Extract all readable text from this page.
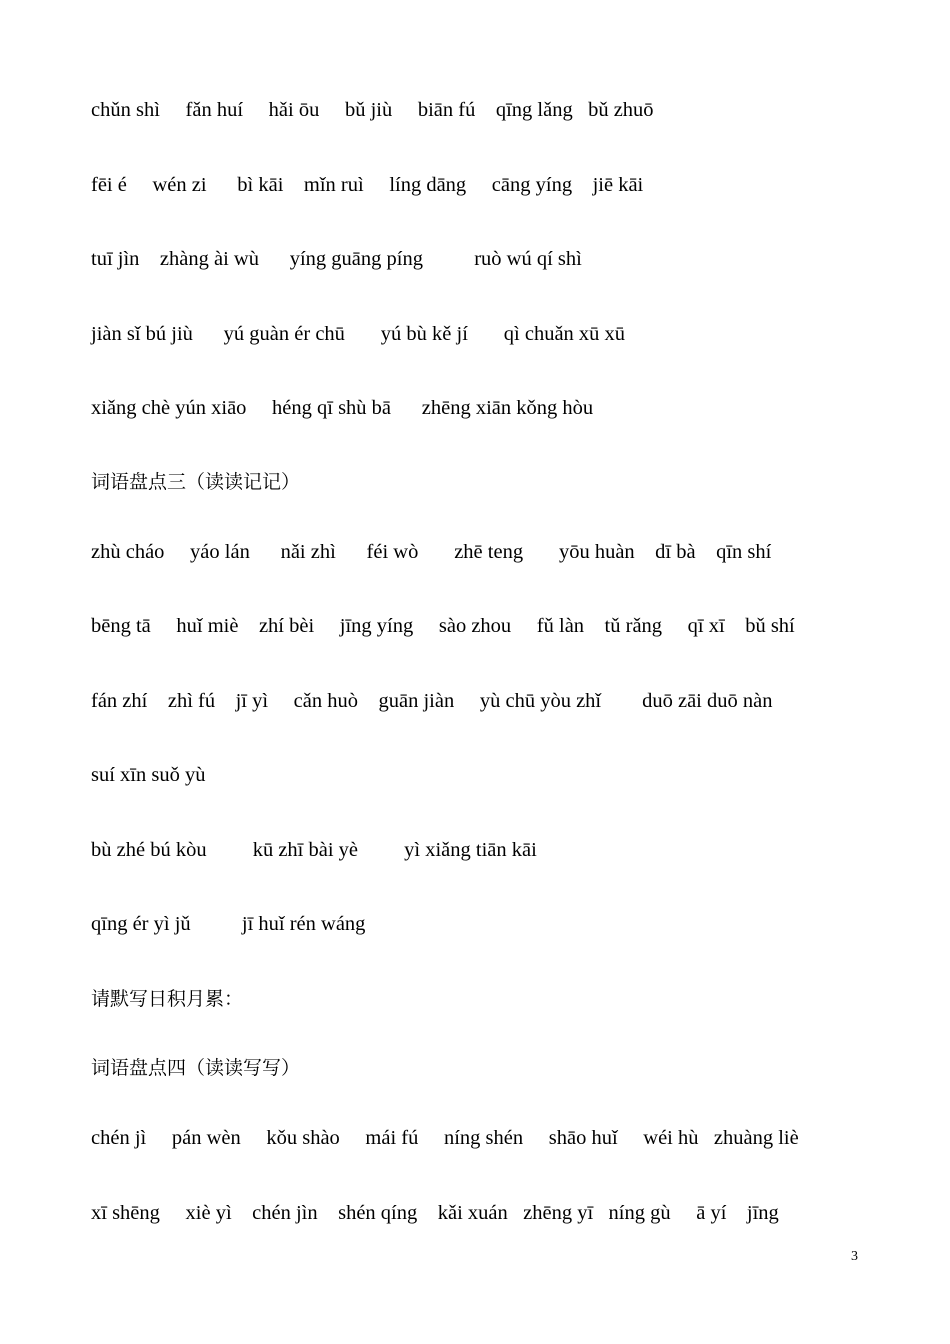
chǔn shì     fǎn huí     hǎi ōu     bǔ jiù     biān fú    qīng lǎng   bǔ zhuō
fēi é     wén zi      bì kāi    mǐn ruì     líng dāng     cāng yíng    jiē kāi
tuī jìn    zhàng ài wù      yíng guāng píng          ruò wú qí shì
jiàn sǐ bú jiù      yú guàn ér chū       yú bù kě jí       qì chuǎn xū xū
xiǎng chè yún xiāo     héng qī shù bā      zhēng xiān kǒng hòu
词语盘点三（读读记记）
zhù cháo     yáo lán      nǎi zhì      féi wò       zhē teng       yōu huàn    dī bà    qīn shí
bēng tā     huǐ miè    zhí bèi     jīng yíng     sào zhou     fǔ làn    tǔ rǎng     qī xī    bǔ shí
fán zhí    zhì fú    jī yì     cǎn huò    guān jiàn     yù chū yòu zhǐ        duō zāi duō nàn
suí xīn suǒ yù
bù zhé bú kòu         kū zhī bài yè         yì xiǎng tiān kāi
qīng ér yì jǔ          jī huǐ rén wáng
请默写日积月累：
词语盘点四（读读写写）
chén jì     pán wèn     kǒu shào     mái fú     níng shén     shāo huǐ     wéi hù   zhuàng liè
xī shēng     xiè yì    chén jìn    shén qíng    kǎi xuán   zhēng yī   níng gù     ā yí    jīng
3
